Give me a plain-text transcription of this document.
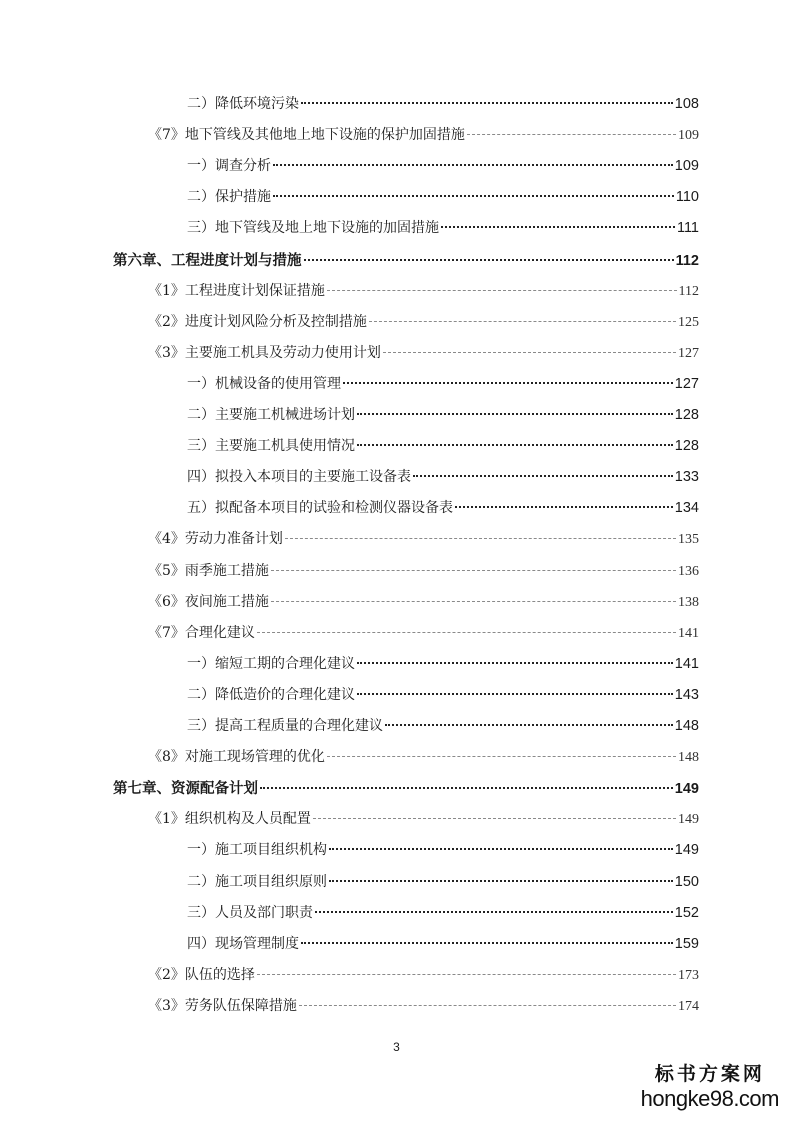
二）降低环境污染	108
《7》地下管线及其他地上地下设施的保护加固措施	109
一）调查分析	109
二）保护措施	110
三）地下管线及地上地下设施的加固措施	111
第六章、工程进度计划与措施	112
《1》工程进度计划保证措施	112
《2》进度计划风险分析及控制措施	125
《3》主要施工机具及劳动力使用计划	127
一）机械设备的使用管理	127
二）主要施工机械进场计划	128
三）主要施工机具使用情况	128
四）拟投入本项目的主要施工设备表	133
五）拟配备本项目的试验和检测仪器设备表	134
《4》劳动力准备计划	135
《5》雨季施工措施	136
《6》夜间施工措施	138
《7》合理化建议	141
一）缩短工期的合理化建议	141
二）降低造价的合理化建议	143
三）提高工程质量的合理化建议	148
《8》对施工现场管理的优化	148
第七章、资源配备计划	149
《1》组织机构及人员配置	149
一）施工项目组织机构	149
二）施工项目组织原则	150
三）人员及部门职责	152
四）现场管理制度	159
《2》队伍的选择	173
《3》劳务队伍保障措施	174
3
标书方案网
hongke98.com
